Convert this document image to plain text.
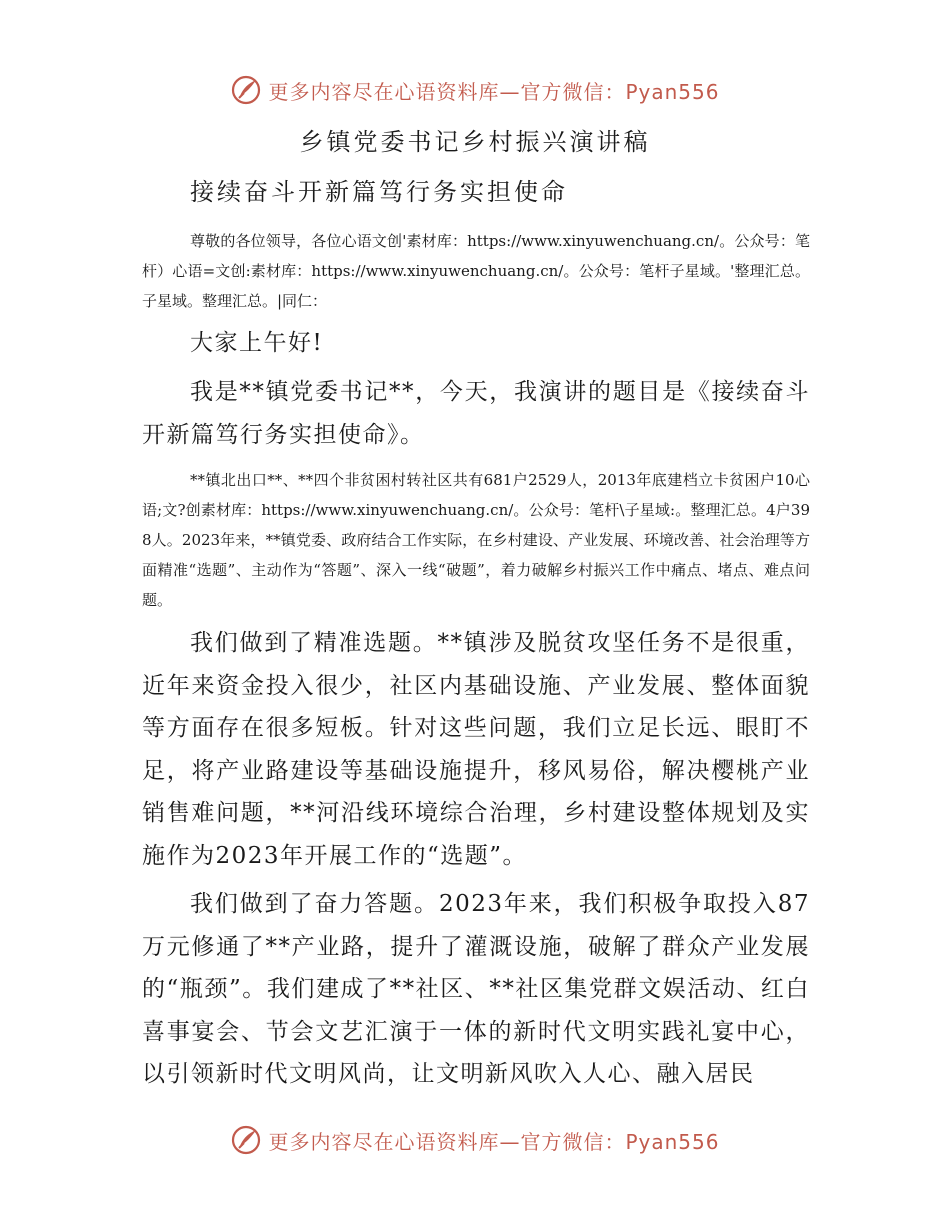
更多内容尽在心语资料库—官方微信：Pyan556
乡镇党委书记乡村振兴演讲稿
接续奋斗开新篇笃行务实担使命

尊敬的各位领导，各位心语文创'素材库：https://www.xinyuwenchuang.cn/。公众号：笔杆）心语=文创:素材库：https://www.xinyuwenchuang.cn/。公众号：笔杆子星域。'整理汇总。子星域。整理汇总。|同仁：

大家上午好!

我是**镇党委书记**，今天，我演讲的题目是《接续奋斗开新篇笃行务实担使命》。

**镇北出口**、**四个非贫困村转社区共有681户2529人，2013年底建档立卡贫困户10心语;文?创素材库：https://www.xinyuwenchuang.cn/。公众号：笔杆\子星域:。整理汇总。4户398人。2023年来，**镇党委、政府结合工作实际，在乡村建设、产业发展、环境改善、社会治理等方面精准“选题”、主动作为“答题”、深入一线“破题”，着力破解乡村振兴工作中痛点、堵点、难点问题。

我们做到了精准选题。**镇涉及脱贫攻坚任务不是很重，近年来资金投入很少，社区内基础设施、产业发展、整体面貌等方面存在很多短板。针对这些问题，我们立足长远、眼盯不足，将产业路建设等基础设施提升，移风易俗，解决樱桃产业销售难问题，**河沿线环境综合治理，乡村建设整体规划及实施作为2023年开展工作的“选题”。

我们做到了奋力答题。2023年来，我们积极争取投入87万元修通了**产业路，提升了灌溉设施，破解了群众产业发展的“瓶颈”。我们建成了**社区、**社区集党群文娱活动、红白喜事宴会、节会文艺汇演于一体的新时代文明实践礼宴中心，以引领新时代文明风尚，让文明新风吹入人心、融入居民

更多内容尽在心语资料库—官方微信：Pyan556
